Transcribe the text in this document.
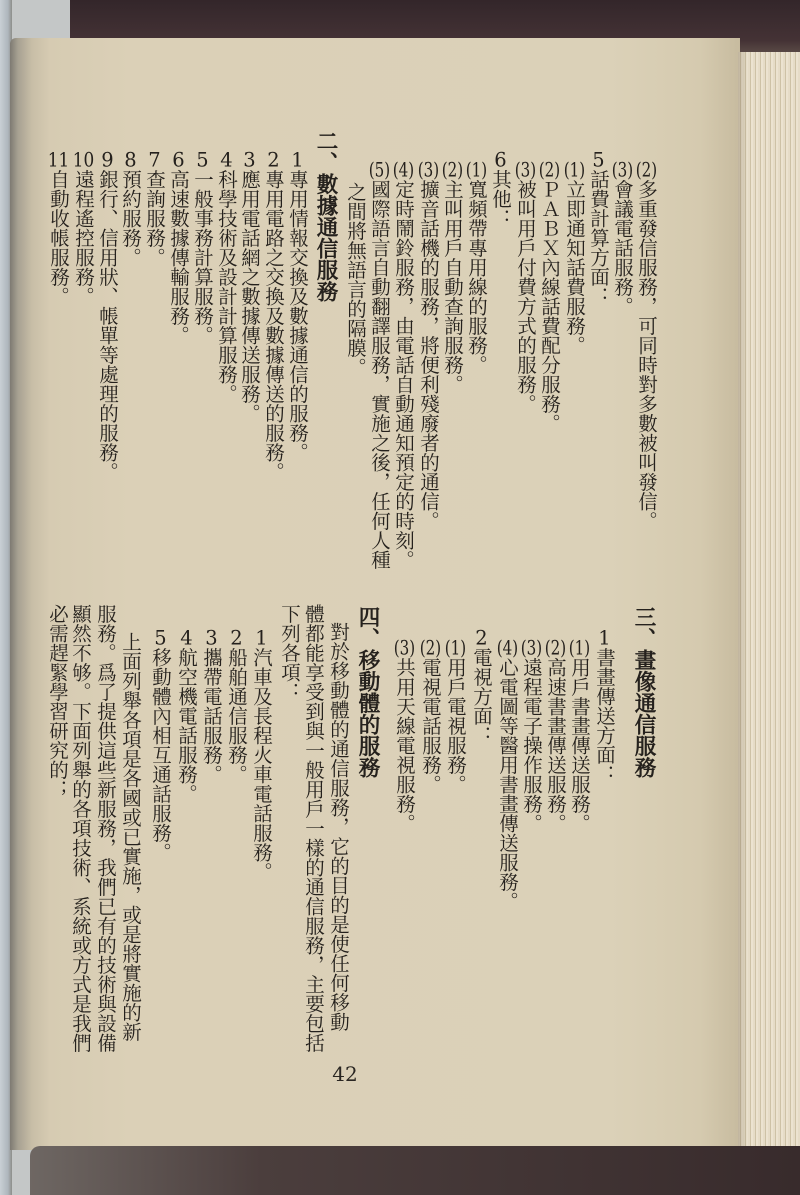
(2)多重發信服務，可同時對多數被叫發信。
(3)會議電話服務。
5話費計算方面：
(1)立即通知話費服務。
(2)ＰＡＢＸ內線話費配分服務。
(3)被叫用戶付費方式的服務。
6其他：
(1)寬頻帶專用線的服務。
(2)主叫用戶自動查詢服務。
(3)擴音話機的服務，將便利殘廢者的通信。
(4)定時鬧鈴服務，由電話自動通知預定的時刻。
(5)國際語言自動翻譯服務，實施之後，任何人種
之間將無語言的隔膜。
二、數據通信服務
1專用情報交換及數據通信的服務。
2專用電路之交換及數據傳送的服務。
3應用電話網之數據傳送服務。
4科學技術及設計計算服務。
5一般事務計算服務。
6高速數據傳輸服務。
7查詢服務。
8預約服務。
9銀行、信用狀、帳單等處理的服務。
10遠程遙控服務。
11自動收帳服務。
三、畫像通信服務
1書畫傳送方面：
(1)用戶書畫傳送服務。
(2)高速書畫傳送服務。
(3)遠程電子操作服務。
(4)心電圖等醫用書畫傳送服務。
2電視方面：
(1)用戶電視服務。
(2)電視電話服務。
(3)共用天線電視服務。
四、移動體的服務
對於移動體的通信服務，它的目的是使任何移動
體都能享受到與一般用戶一樣的通信服務，主要包括
下列各項：
1汽車及長程火車電話服務。
2船舶通信服務。
3攜帶電話服務。
4航空機電話服務。
5移動體內相互通話服務。
上面列舉各項是各國或已實施，或是將實施的新
服務。爲了提供這些新服務，我們已有的技術與設備
顯然不够。下面列舉的各項技術、系統或方式是我們
必需趕緊學習研究的；
42
